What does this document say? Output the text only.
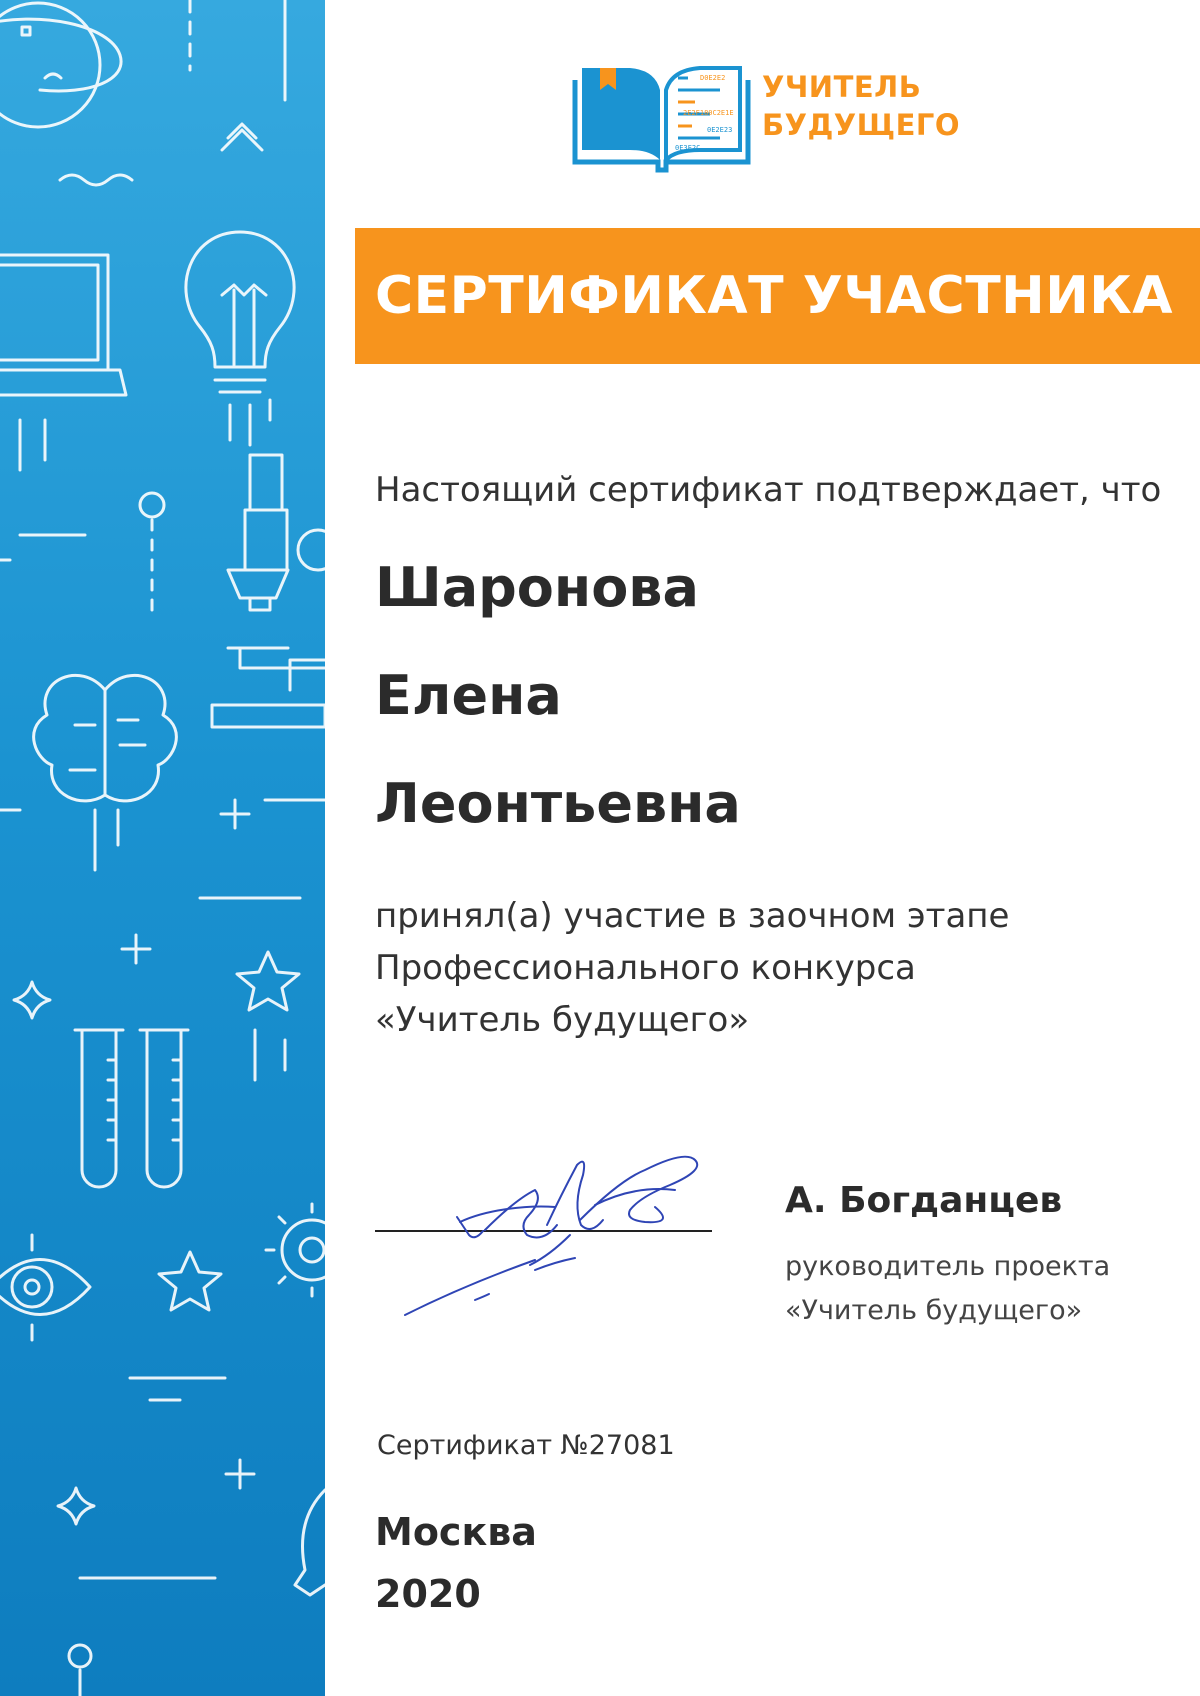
D0E2E2
2E2F180C2E1E
0E2E23
0E3F2C
УЧИТЕЛЬ
БУДУЩЕГО
СЕРТИФИКАТ УЧАСТНИКА
Настоящий сертификат подтверждает, что
Шаронова
Елена
Леонтьевна
принял(а) участие в заочном этапе
Профессионального конкурса
«Учитель будущего»
А. Богданцев
руководитель проекта
«Учитель будущего»
Сертификат №27081
Москва
2020
